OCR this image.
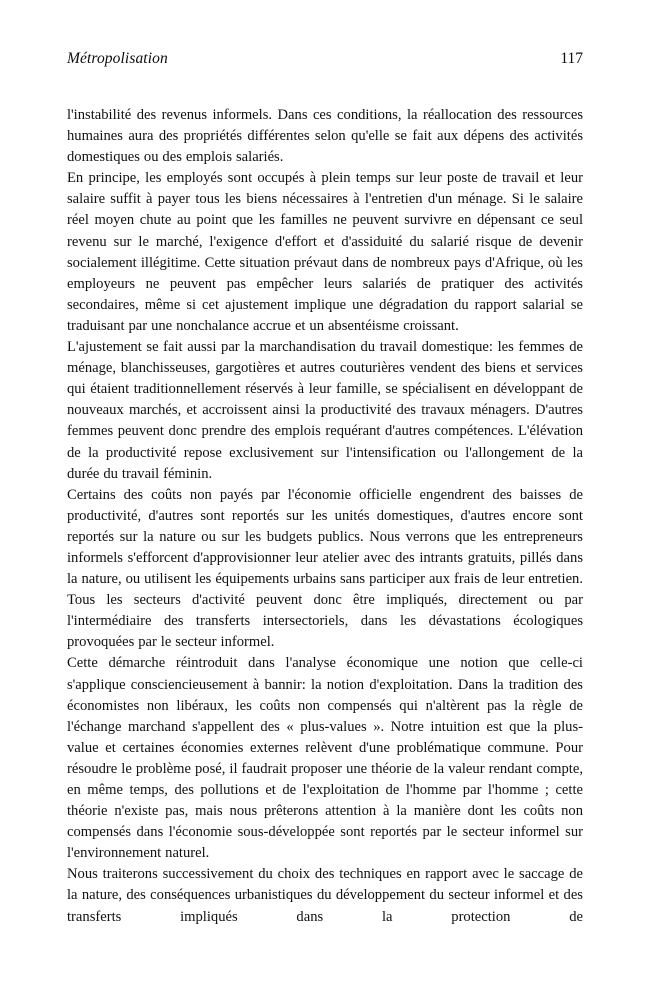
Métropolisation	117

l'instabilité des revenus informels. Dans ces conditions, la réallocation des ressources humaines aura des propriétés différentes selon qu'elle se fait aux dépens des activités domestiques ou des emplois salariés.

En principe, les employés sont occupés à plein temps sur leur poste de travail et leur salaire suffit à payer tous les biens nécessaires à l'entretien d'un ménage. Si le salaire réel moyen chute au point que les familles ne peuvent survivre en dépensant ce seul revenu sur le marché, l'exigence d'effort et d'assiduité du salarié risque de devenir socialement illégitime. Cette situation prévaut dans de nombreux pays d'Afrique, où les employeurs ne peuvent pas empêcher leurs salariés de pratiquer des activités secondaires, même si cet ajustement implique une dégradation du rapport salarial se traduisant par une nonchalance accrue et un absentéisme croissant.

L'ajustement se fait aussi par la marchandisation du travail domestique: les femmes de ménage, blanchisseuses, gargotières et autres couturières vendent des biens et services qui étaient traditionnellement réservés à leur famille, se spécialisent en développant de nouveaux marchés, et accroissent ainsi la productivité des travaux ménagers. D'autres femmes peuvent donc prendre des emplois requérant d'autres compétences. L'élévation de la productivité repose exclusivement sur l'intensification ou l'allongement de la durée du travail féminin.

Certains des coûts non payés par l'économie officielle engendrent des baisses de productivité, d'autres sont reportés sur les unités domestiques, d'autres encore sont reportés sur la nature ou sur les budgets publics. Nous verrons que les entrepreneurs informels s'efforcent d'approvisionner leur atelier avec des intrants gratuits, pillés dans la nature, ou utilisent les équipements urbains sans participer aux frais de leur entretien. Tous les secteurs d'activité peuvent donc être impliqués, directement ou par l'intermédiaire des transferts intersectoriels, dans les dévastations écologiques provoquées par le secteur informel.

Cette démarche réintroduit dans l'analyse économique une notion que celle-ci s'applique consciencieusement à bannir: la notion d'exploitation. Dans la tradition des économistes non libéraux, les coûts non compensés qui n'altèrent pas la règle de l'échange marchand s'appellent des « plus-values ». Notre intuition est que la plus-value et certaines économies externes relèvent d'une problématique commune. Pour résoudre le problème posé, il faudrait proposer une théorie de la valeur rendant compte, en même temps, des pollutions et de l'exploitation de l'homme par l'homme ; cette théorie n'existe pas, mais nous prêterons attention à la manière dont les coûts non compensés dans l'économie sous-développée sont reportés par le secteur informel sur l'environnement naturel.

Nous traiterons successivement du choix des techniques en rapport avec le saccage de la nature, des conséquences urbanistiques du développement du secteur informel et des transferts impliqués dans la protection de
